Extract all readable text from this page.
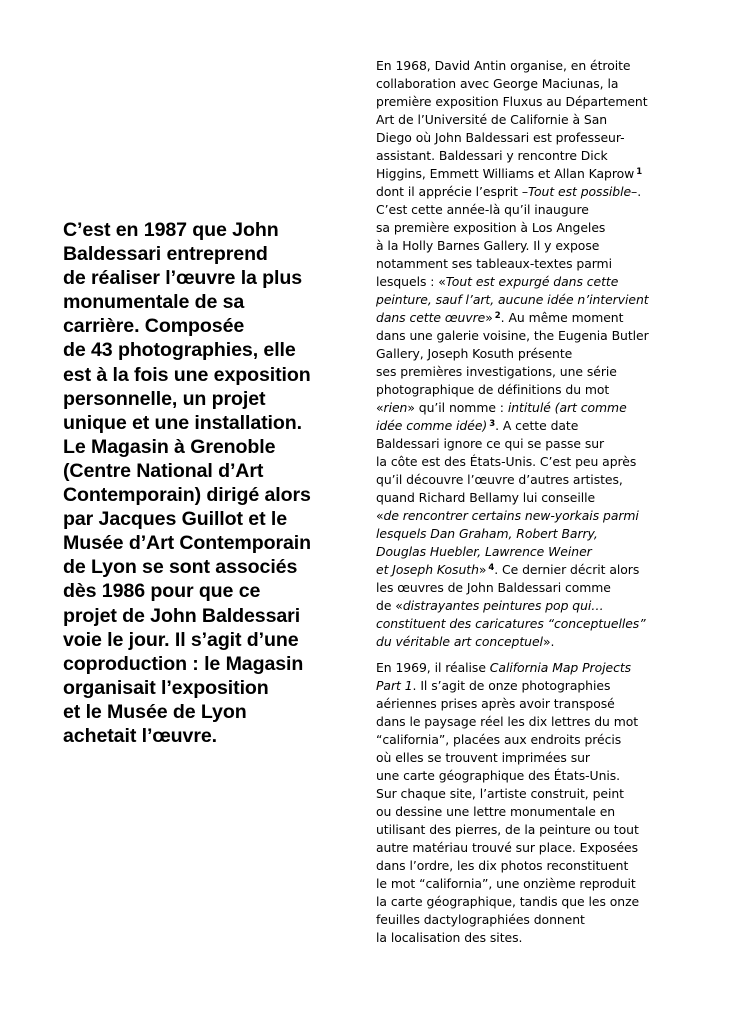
C’est en 1987 que John
Baldessari entreprend
de réaliser l’œuvre la plus
monumentale de sa
carrière. Composée
de 43 photographies, elle
est à la fois une exposition
personnelle, un projet
unique et une installation.
Le Magasin à Grenoble
(Centre National d’Art
Contemporain) dirigé alors
par Jacques Guillot et le
Musée d’Art Contemporain
de Lyon se sont associés
dès 1986 pour que ce
projet de John Baldessari
voie le jour. Il s’agit d’une
coproduction : le Magasin
organisait l’exposition
et le Musée de Lyon
achetait l’œuvre.

En 1968, David Antin organise, en étroite
collaboration avec George Maciunas, la
première exposition Fluxus au Département
Art de l’Université de Californie à San
Diego où John Baldessari est professeur-
assistant. Baldessari y rencontre Dick
Higgins, Emmett Williams et Allan Kaprow $^1$
dont il apprécie l’esprit –Tout est possible–.
C’est cette année-là qu’il inaugure
sa première exposition à Los Angeles
à la Holly Barnes Gallery. Il y expose
notamment ses tableaux-textes parmi
lesquels : «Tout est expurgé dans cette
peinture, sauf l’art, aucune idée n’intervient
dans cette œuvre» $^2$. Au même moment
dans une galerie voisine, the Eugenia Butler
Gallery, Joseph Kosuth présente
ses premières investigations, une série
photographique de définitions du mot
«rien» qu’il nomme : intitulé (art comme
idée comme idée) $^3$. A cette date
Baldessari ignore ce qui se passe sur
la côte est des États-Unis. C’est peu après
qu’il découvre l’œuvre d’autres artistes,
quand Richard Bellamy lui conseille
«de rencontrer certains new-yorkais parmi
lesquels Dan Graham, Robert Barry,
Douglas Huebler, Lawrence Weiner
et Joseph Kosuth» $^4$. Ce dernier décrit alors
les œuvres de John Baldessari comme
de «distrayantes peintures pop qui…
constituent des caricatures “conceptuelles”
du véritable art conceptuel».

En 1969, il réalise California Map Projects
Part 1. Il s’agit de onze photographies
aériennes prises après avoir transposé
dans le paysage réel les dix lettres du mot
“california”, placées aux endroits précis
où elles se trouvent imprimées sur
une carte géographique des États-Unis.
Sur chaque site, l’artiste construit, peint
ou dessine une lettre monumentale en
utilisant des pierres, de la peinture ou tout
autre matériau trouvé sur place. Exposées
dans l’ordre, les dix photos reconstituent
le mot “california”, une onzième reproduit
la carte géographique, tandis que les onze
feuilles dactylographiées donnent
la localisation des sites.
